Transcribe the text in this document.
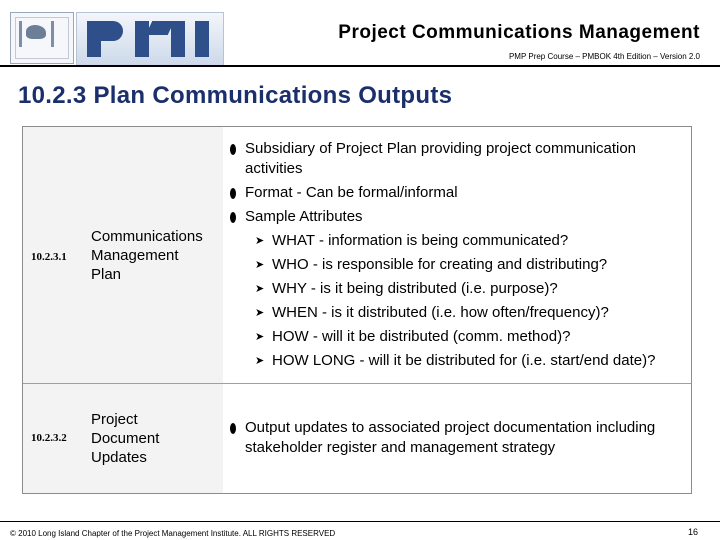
Project Communications Management
PMP Prep Course – PMBOK 4th Edition – Version 2.0
10.2.3 Plan Communications Outputs
10.2.3.1
Communications
Management
Plan
Subsidiary of Project Plan providing project communication
activities
Format - Can be formal/informal
Sample Attributes
➤ WHAT - information is being communicated?
➤ WHO - is responsible for creating and distributing?
➤ WHY - is it being distributed (i.e. purpose)?
➤ WHEN - is it distributed (i.e. how often/frequency)?
➤ HOW - will it be distributed (comm. method)?
➤ HOW LONG - will it be distributed for (i.e. start/end date)?
10.2.3.2
Project
Document
Updates
Output updates to associated project documentation including
stakeholder register and management strategy
© 2010 Long Island Chapter of the Project Management Institute. ALL RIGHTS RESERVED	16
